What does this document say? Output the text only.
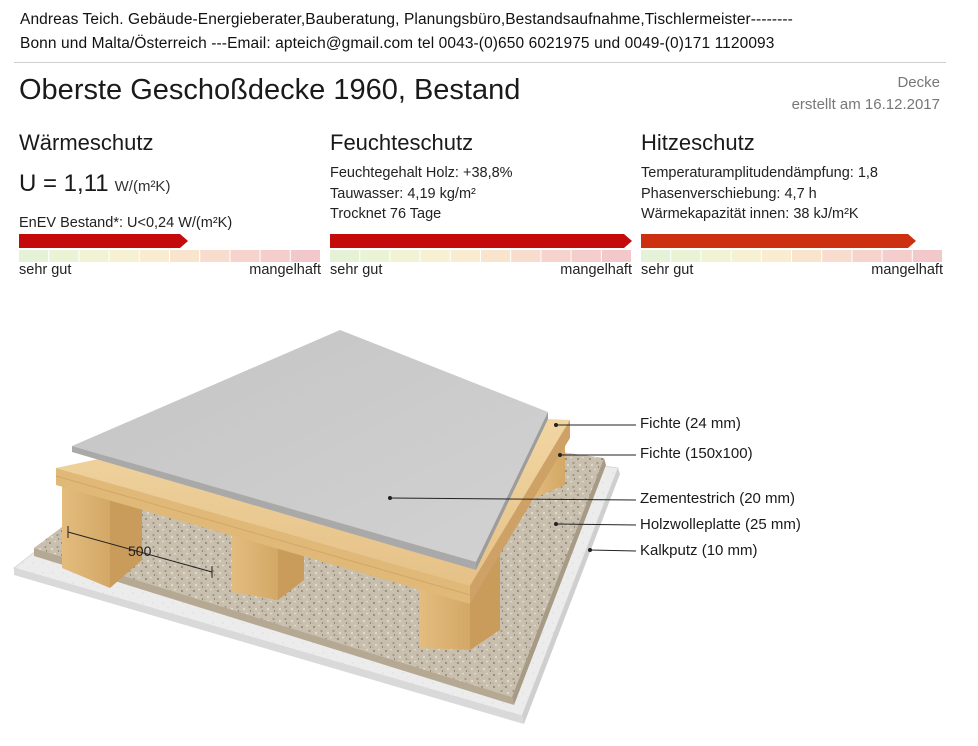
Andreas Teich. Gebäude-Energieberater,Bauberatung, Planungsbüro,Bestandsaufnahme,Tischlermeister--------
Bonn und Malta/Österreich ---Email: apteich@gmail.com tel 0043-(0)650 6021975 und 0049-(0)171 1120093
Oberste Geschoßdecke 1960, Bestand	Decke
erstellt am 16.12.2017
Wärmeschutz
U = 1,11 W/(m²K)
EnEV Bestand*: U<0,24 W/(m²K)
sehr gut	mangelhaft
Feuchteschutz
Feuchtegehalt Holz: +38,8%
Tauwasser: 4,19 kg/m²
Trocknet 76 Tage
sehr gut	mangelhaft
Hitzeschutz
Temperaturamplitudendämpfung: 1,8
Phasenverschiebung: 4,7 h
Wärmekapazität innen: 38 kJ/m²K
sehr gut	mangelhaft
500
Fichte (24 mm)
Fichte (150x100)
Zementestrich (20 mm)
Holzwolleplatte (25 mm)
Kalkputz (10 mm)
